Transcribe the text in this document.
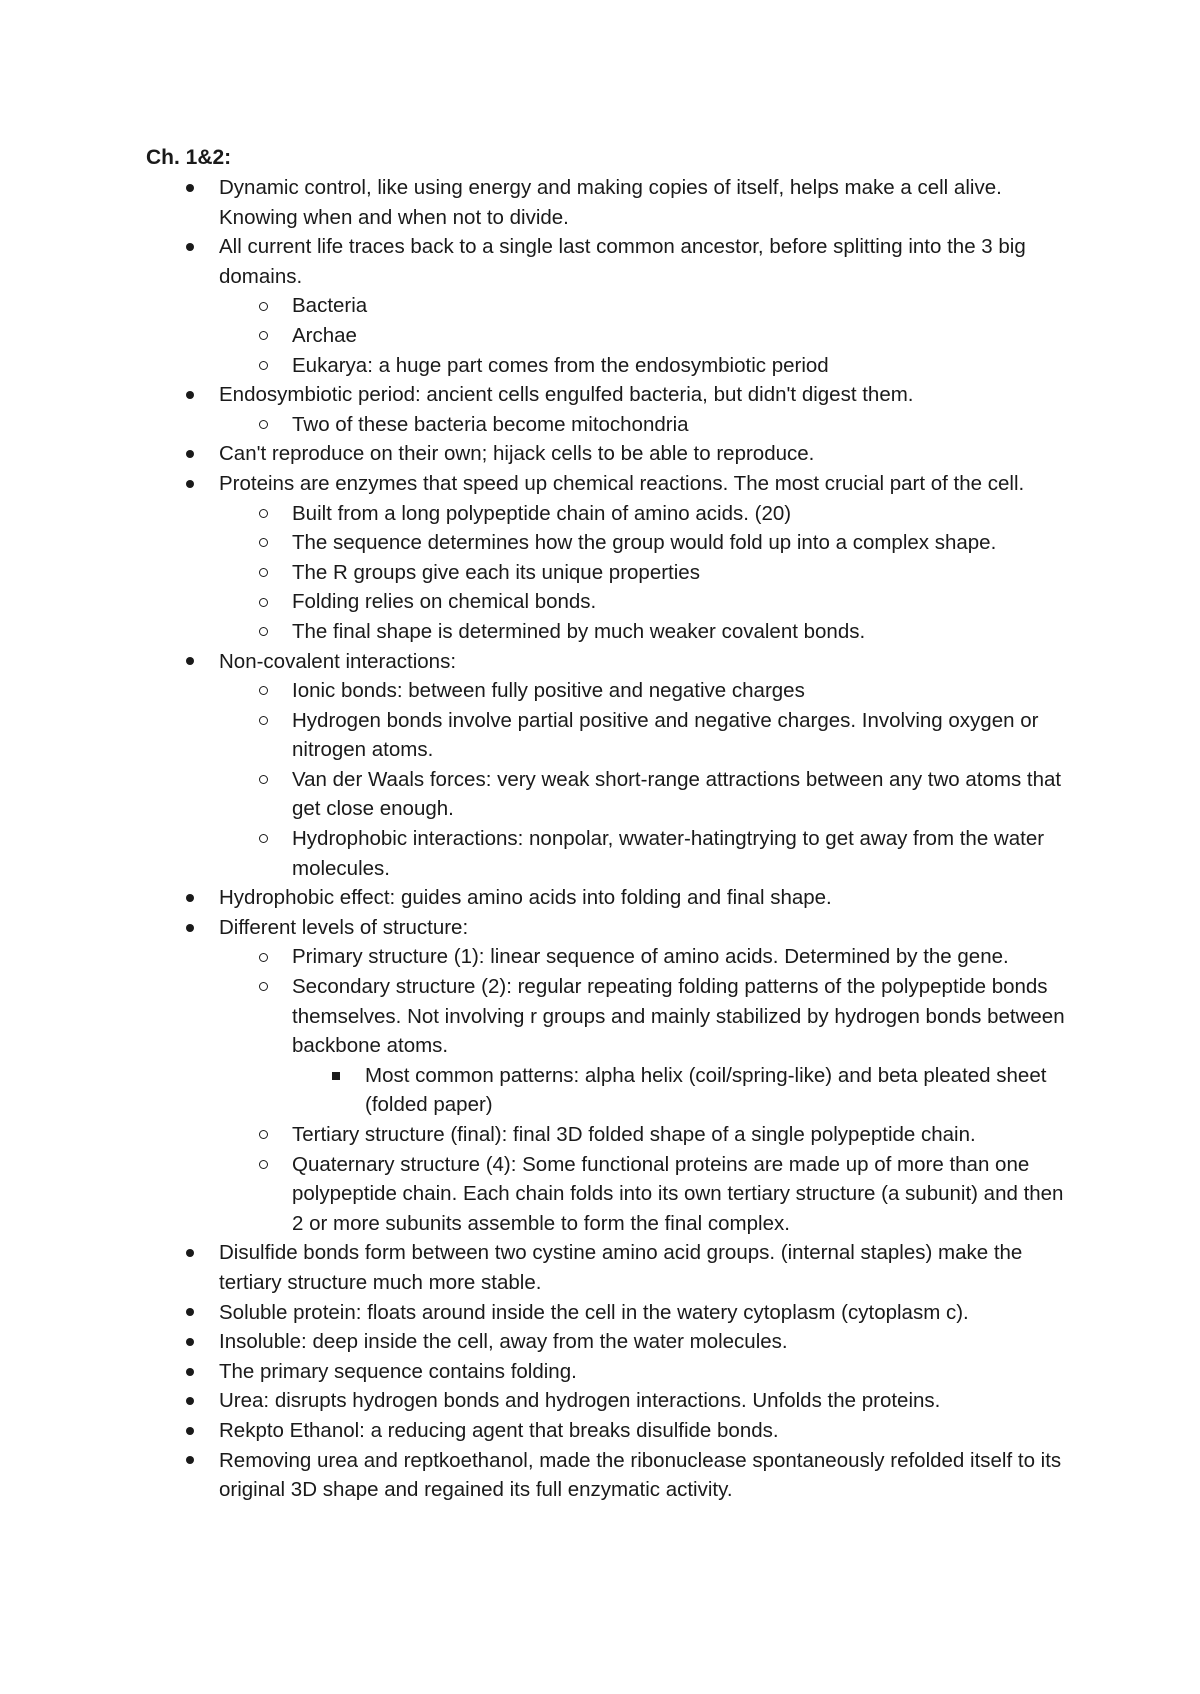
Ch. 1&2:
Dynamic control, like using energy and making copies of itself, helps make a cell alive. Knowing when and when not to divide.
All current life traces back to a single last common ancestor, before splitting into the 3 big domains.
Bacteria
Archae
Eukarya: a huge part comes from the endosymbiotic period
Endosymbiotic period: ancient cells engulfed bacteria, but didn't digest them.
Two of these bacteria become mitochondria
Can't reproduce on their own; hijack cells to be able to reproduce.
Proteins are enzymes that speed up chemical reactions. The most crucial part of the cell.
Built from a long polypeptide chain of amino acids. (20)
The sequence determines how the group would fold up into a complex shape.
The R groups give each its unique properties
Folding relies on chemical bonds.
The final shape is determined by much weaker covalent bonds.
Non-covalent interactions:
Ionic bonds: between fully positive and negative charges
Hydrogen bonds involve partial positive and negative charges. Involving oxygen or nitrogen atoms.
Van der Waals forces: very weak short-range attractions between any two atoms that get close enough.
Hydrophobic interactions: nonpolar, wwater-hatingtrying to get away from the water molecules.
Hydrophobic effect: guides amino acids into folding and final shape.
Different levels of structure:
Primary structure (1): linear sequence of amino acids. Determined by the gene.
Secondary structure (2): regular repeating folding patterns of the polypeptide bonds themselves. Not involving r groups and mainly stabilized by hydrogen bonds between backbone atoms.
Most common patterns: alpha helix (coil/spring-like) and beta pleated sheet (folded paper)
Tertiary structure (final): final 3D folded shape of a single polypeptide chain.
Quaternary structure (4): Some functional proteins are made up of more than one polypeptide chain. Each chain folds into its own tertiary structure (a subunit) and then 2 or more subunits assemble to form the final complex.
Disulfide bonds form between two cystine amino acid groups. (internal staples) make the tertiary structure much more stable.
Soluble protein: floats around inside the cell in the watery cytoplasm (cytoplasm c).
Insoluble: deep inside the cell, away from the water molecules.
The primary sequence contains folding.
Urea: disrupts hydrogen bonds and hydrogen interactions. Unfolds the proteins.
Rekpto Ethanol: a reducing agent that breaks disulfide bonds.
Removing urea and reptkoethanol, made the ribonuclease spontaneously refolded itself to its original 3D shape and regained its full enzymatic activity.
